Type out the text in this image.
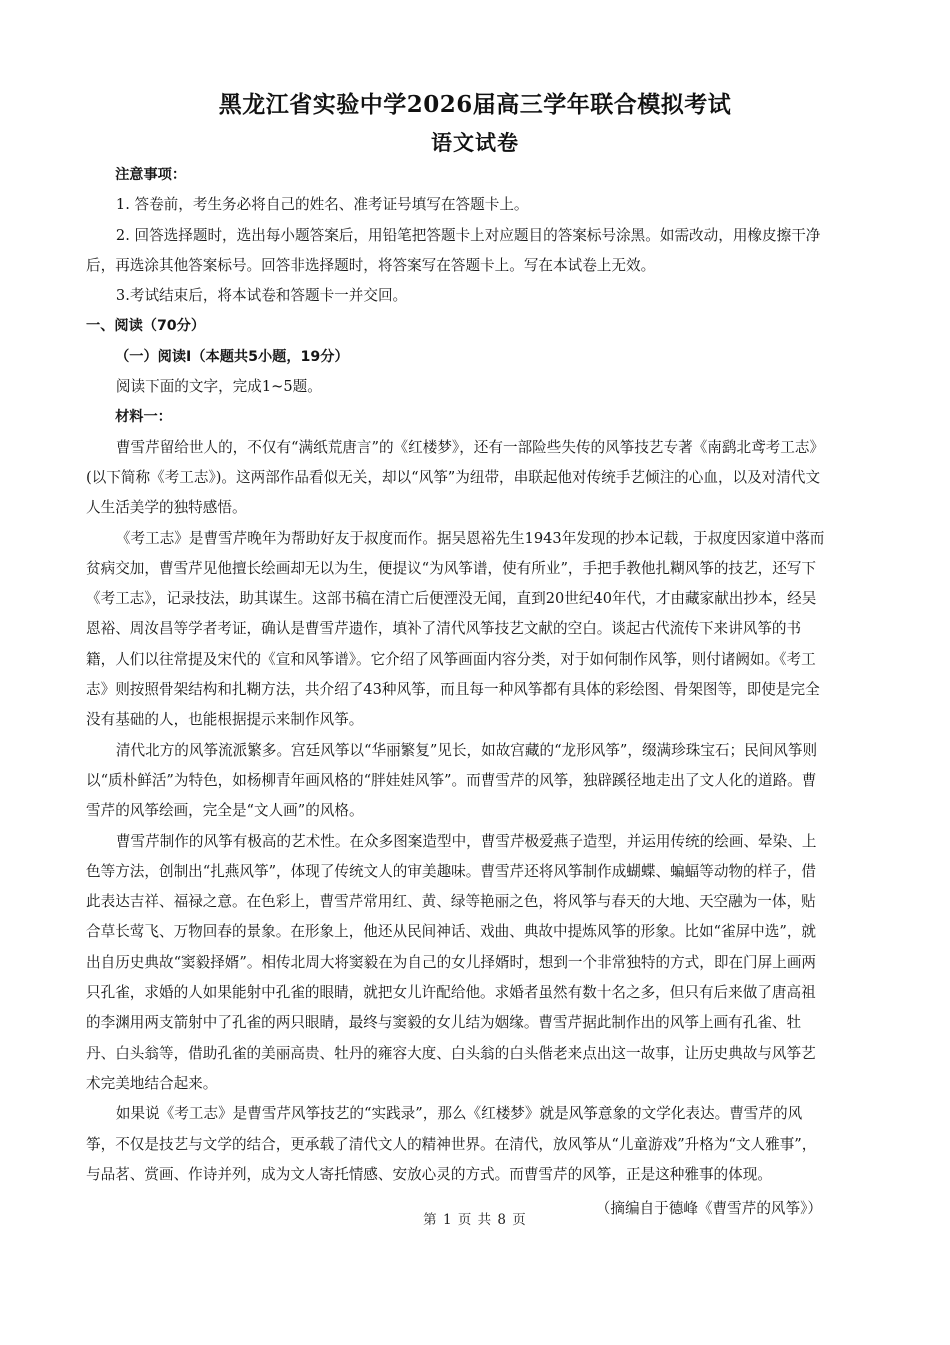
黑龙江省实验中学2026届高三学年联合模拟考试
语文试卷

注意事项：

1. 答卷前，考生务必将自己的姓名、准考证号填写在答题卡上。

2. 回答选择题时，选出每小题答案后，用铅笔把答题卡上对应题目的答案标号涂黑。如需改动，用橡皮擦干净后，再选涂其他答案标号。回答非选择题时，将答案写在答题卡上。写在本试卷上无效。

3.考试结束后，将本试卷和答题卡一并交回。

一、阅读（70分）

（一）阅读Ⅰ（本题共5小题，19分）

阅读下面的文字，完成1~5题。

材料一：

曹雪芹留给世人的，不仅有“满纸荒唐言”的《红楼梦》，还有一部险些失传的风筝技艺专著《南鹞北鸢考工志》(以下简称《考工志》)。这两部作品看似无关，却以“风筝”为纽带，串联起他对传统手艺倾注的心血，以及对清代文人生活美学的独特感悟。

《考工志》是曹雪芹晚年为帮助好友于叔度而作。据吴恩裕先生1943年发现的抄本记载，于叔度因家道中落而贫病交加，曹雪芹见他擅长绘画却无以为生，便提议“为风筝谱，使有所业”，手把手教他扎糊风筝的技艺，还写下《考工志》，记录技法，助其谋生。这部书稿在清亡后便湮没无闻，直到20世纪40年代，才由藏家献出抄本，经吴恩裕、周汝昌等学者考证，确认是曹雪芹遗作，填补了清代风筝技艺文献的空白。谈起古代流传下来讲风筝的书籍，人们以往常提及宋代的《宣和风筝谱》。它介绍了风筝画面内容分类，对于如何制作风筝，则付诸阙如。《考工志》则按照骨架结构和扎糊方法，共介绍了43种风筝，而且每一种风筝都有具体的彩绘图、骨架图等，即使是完全没有基础的人，也能根据提示来制作风筝。

清代北方的风筝流派繁多。宫廷风筝以“华丽繁复”见长，如故宫藏的“龙形风筝”，缀满珍珠宝石；民间风筝则以“质朴鲜活”为特色，如杨柳青年画风格的“胖娃娃风筝”。而曹雪芹的风筝，独辟蹊径地走出了文人化的道路。曹雪芹的风筝绘画，完全是“文人画”的风格。

曹雪芹制作的风筝有极高的艺术性。在众多图案造型中，曹雪芹极爱燕子造型，并运用传统的绘画、晕染、上色等方法，创制出“扎燕风筝”，体现了传统文人的审美趣味。曹雪芹还将风筝制作成蝴蝶、蝙蝠等动物的样子，借此表达吉祥、福禄之意。在色彩上，曹雪芹常用红、黄、绿等艳丽之色，将风筝与春天的大地、天空融为一体，贴合草长莺飞、万物回春的景象。在形象上，他还从民间神话、戏曲、典故中提炼风筝的形象。比如“雀屏中选”，就出自历史典故“窦毅择婿”。相传北周大将窦毅在为自己的女儿择婿时，想到一个非常独特的方式，即在门屏上画两只孔雀，求婚的人如果能射中孔雀的眼睛，就把女儿许配给他。求婚者虽然有数十名之多，但只有后来做了唐高祖的李渊用两支箭射中了孔雀的两只眼睛，最终与窦毅的女儿结为姻缘。曹雪芹据此制作出的风筝上画有孔雀、牡丹、白头翁等，借助孔雀的美丽高贵、牡丹的雍容大度、白头翁的白头偕老来点出这一故事，让历史典故与风筝艺术完美地结合起来。

如果说《考工志》是曹雪芹风筝技艺的“实践录”，那么《红楼梦》就是风筝意象的文学化表达。曹雪芹的风筝，不仅是技艺与文学的结合，更承载了清代文人的精神世界。在清代，放风筝从“儿童游戏”升格为“文人雅事”，与品茗、赏画、作诗并列，成为文人寄托情感、安放心灵的方式。而曹雪芹的风筝，正是这种雅事的体现。

（摘编自于德峰《曹雪芹的风筝》）

第 1 页 共 8 页
